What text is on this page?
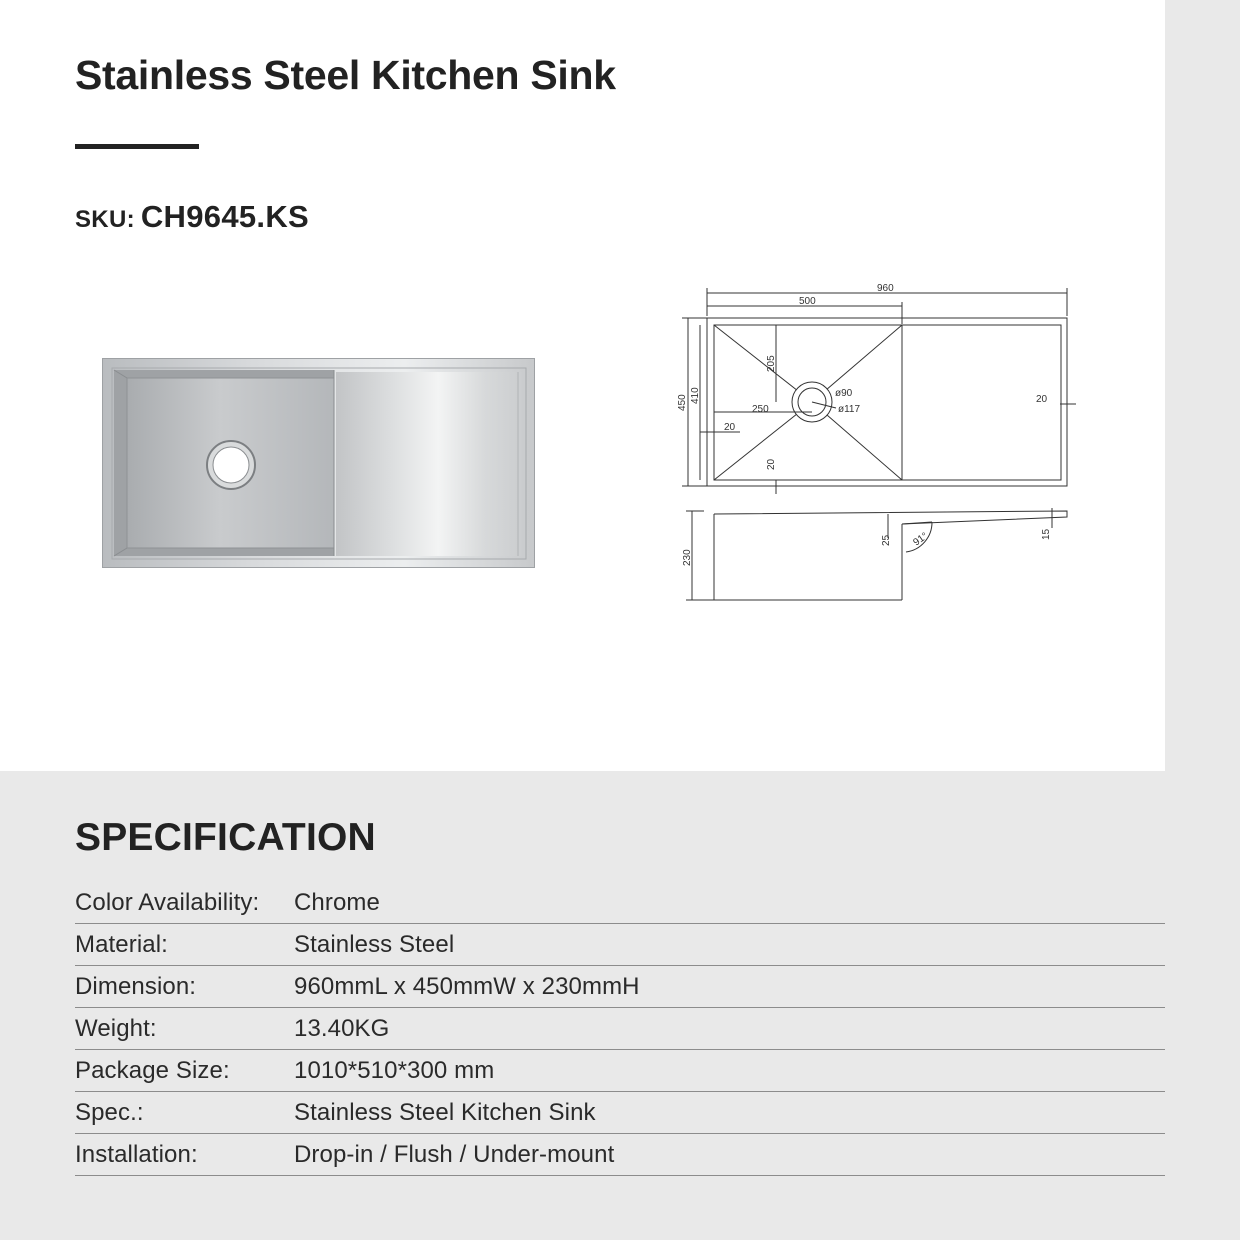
Stainless Steel Kitchen Sink
SKU: CH9645.KS
960
500
205
450 410
250
ø90
ø117
20
20
20
230
25 91°	15
SPECIFICATION
Color Availability:	Chrome
Material:	Stainless Steel
Dimension:	960mmL x 450mmW x 230mmH
Weight:	13.40KG
Package Size:	1010*510*300 mm
Spec.:	Stainless Steel Kitchen Sink
Installation:	Drop-in / Flush / Under-mount
